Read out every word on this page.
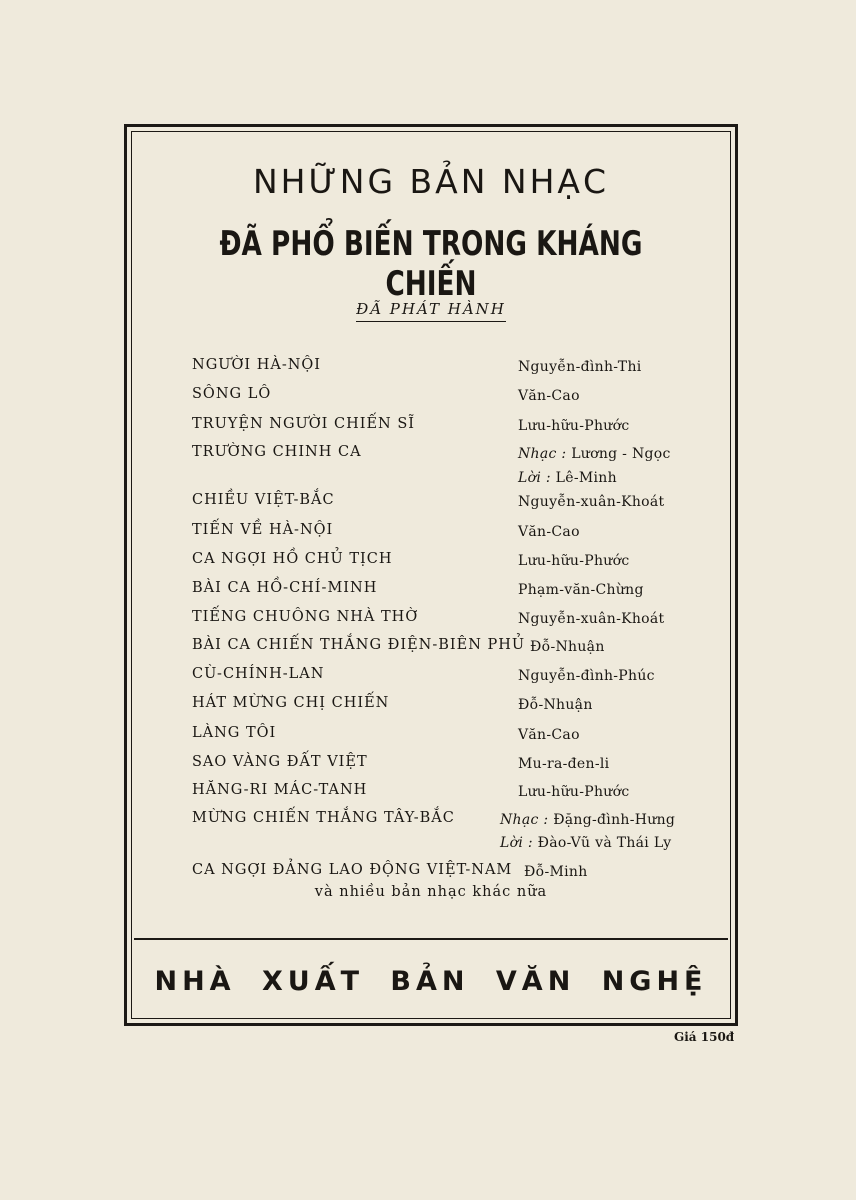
NHỮNG BẢN NHẠC
ĐÃ PHỔ BIẾN TRONG KHÁNG CHIẾN
ĐÃ PHÁT HÀNH
NGƯỜI HÀ-NỘI	Nguyễn-đình-Thi
SÔNG LÔ	Văn-Cao
TRUYỆN NGƯỜI CHIẾN SĨ	Lưu-hữu-Phước
TRƯỜNG CHINH CA	Nhạc : Lương - Ngọc
Lời : Lê-Minh
CHIỀU VIỆT-BẮC	Nguyễn-xuân-Khoát
TIẾN VỀ HÀ-NỘI	Văn-Cao
CA NGỢI HỒ CHỦ TỊCH	Lưu-hữu-Phước
BÀI CA HỒ-CHÍ-MINH	Phạm-văn-Chừng
TIẾNG CHUÔNG NHÀ THỜ	Nguyễn-xuân-Khoát
BÀI CA CHIẾN THẮNG ĐIỆN-BIÊN PHỦ Đỗ-Nhuận
CÙ-CHÍNH-LAN	Nguyễn-đình-Phúc
HÁT MỪNG CHỊ CHIẾN	Đỗ-Nhuận
LÀNG TÔI	Văn-Cao
SAO VÀNG ĐẤT VIỆT	Mu-ra-đen-li
HĂNG-RI MÁC-TANH	Lưu-hữu-Phước
MỪNG CHIẾN THẮNG TÂY-BẮC	Nhạc : Đặng-đình-Hưng
Lời : Đào-Vũ và Thái Ly
CA NGỢI ĐẢNG LAO ĐỘNG VIỆT-NAM Đỗ-Minh
và nhiều bản nhạc khác nữa
NHÀ XUẤT BẢN VĂN NGHỆ
Giá 150đ
